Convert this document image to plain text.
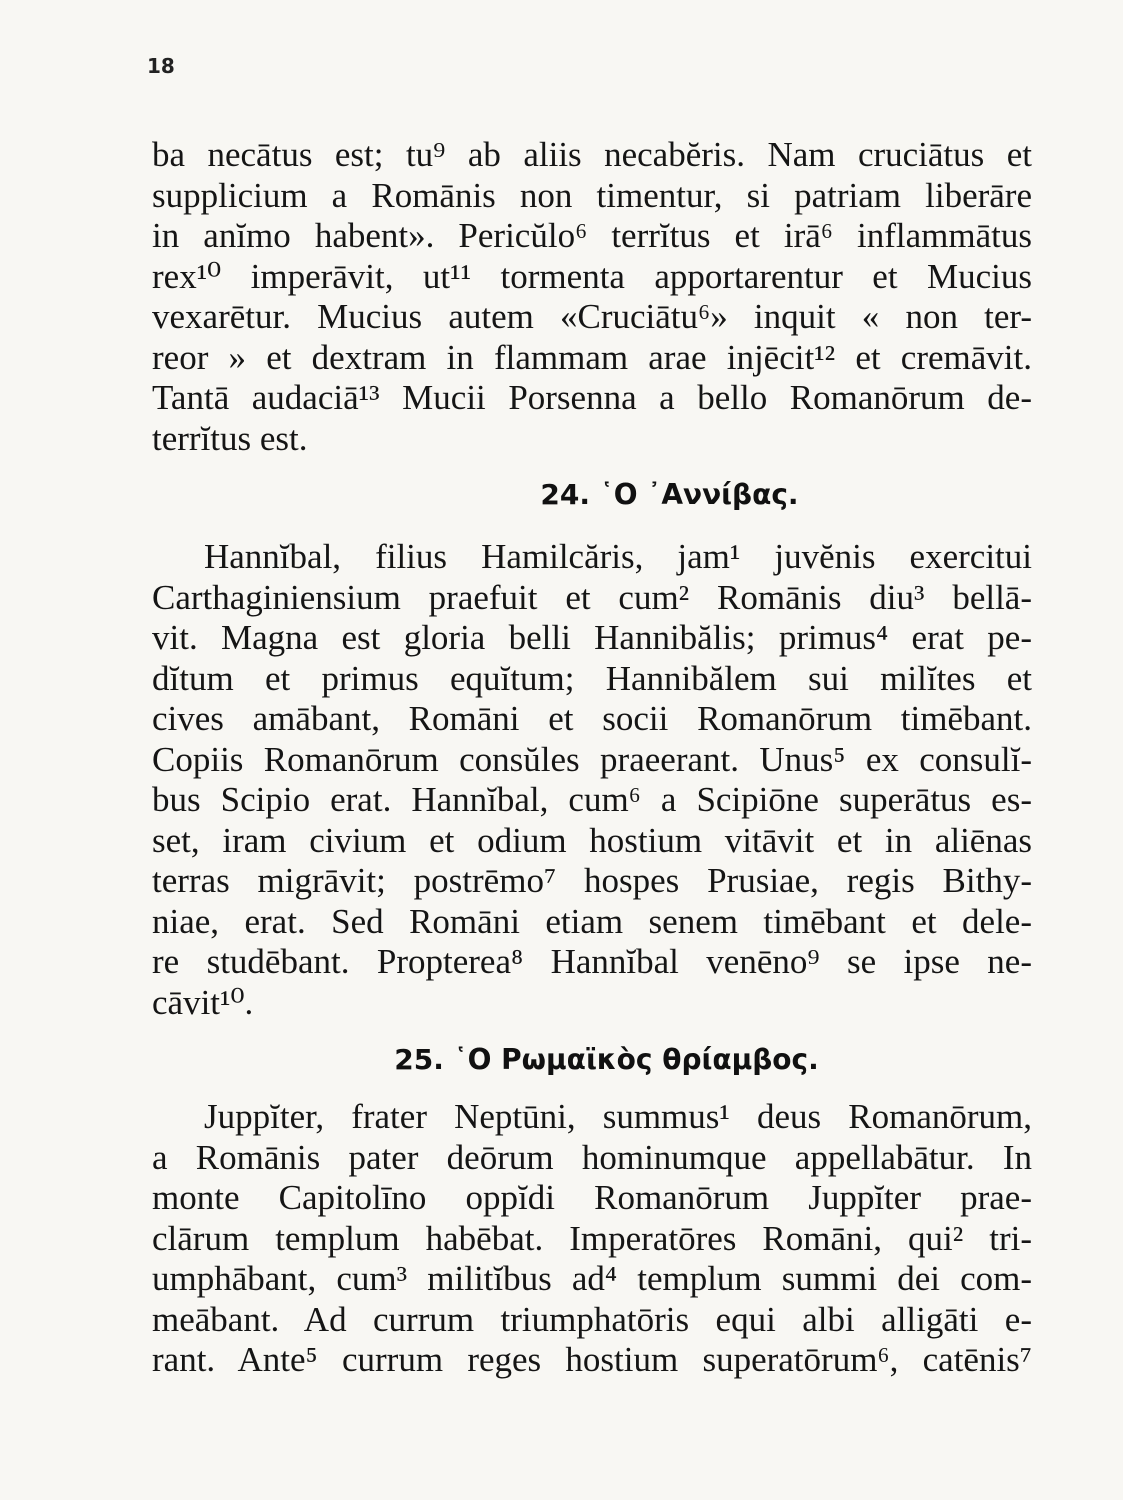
18
ba necātus est; tu⁹ ab aliis necabĕris. Nam cruciātus et
supplicium a Romānis non timentur, si patriam liberāre
in anĭmo habent». Pericŭlo⁶ terrĭtus et irā⁶ inflammātus
rex¹⁰ imperāvit, ut¹¹ tormenta apportarentur et Mucius
vexarētur. Mucius autem «Cruciātu⁶» inquit « non ter-
reor » et dextram in flammam arae injēcit¹² et cremāvit.
Tantā audaciā¹³ Mucii Porsenna a bello Romanōrum de-
terrĭtus est.
24. ῾Ο ᾿Αννίβας.
Hannĭbal, filius Hamilcăris, jam¹ juvĕnis exercitui
Carthaginiensium praefuit et cum² Romānis diu³ bellā-
vit. Magna est gloria belli Hannibălis; primus⁴ erat pe-
dĭtum et primus equĭtum; Hannibălem sui milĭtes et
cives amābant, Romāni et socii Romanōrum timēbant.
Copiis Romanōrum consŭles praeerant. Unus⁵ ex consulĭ-
bus Scipio erat. Hannĭbal, cum⁶ a Scipiōne superātus es-
set, iram civium et odium hostium vitāvit et in aliēnas
terras migrāvit; postrēmo⁷ hospes Prusiae, regis Bithy-
niae, erat. Sed Romāni etiam senem timēbant et dele-
re studēbant. Propterea⁸ Hannĭbal venēno⁹ se ipse ne-
cāvit¹⁰.
25. ῾Ο Ρωμαϊκὸς θρίαμβος.
Juppĭter, frater Neptūni, summus¹ deus Romanōrum,
a Romānis pater deōrum hominumque appellabātur. In
monte Capitolīno oppĭdi Romanōrum Juppĭter prae-
clārum templum habēbat. Imperatōres Romāni, qui² tri-
umphābant, cum³ militĭbus ad⁴ templum summi dei com-
meābant. Ad currum triumphatōris equi albi alligāti e-
rant. Ante⁵ currum reges hostium superatōrum⁶, catēnis⁷
